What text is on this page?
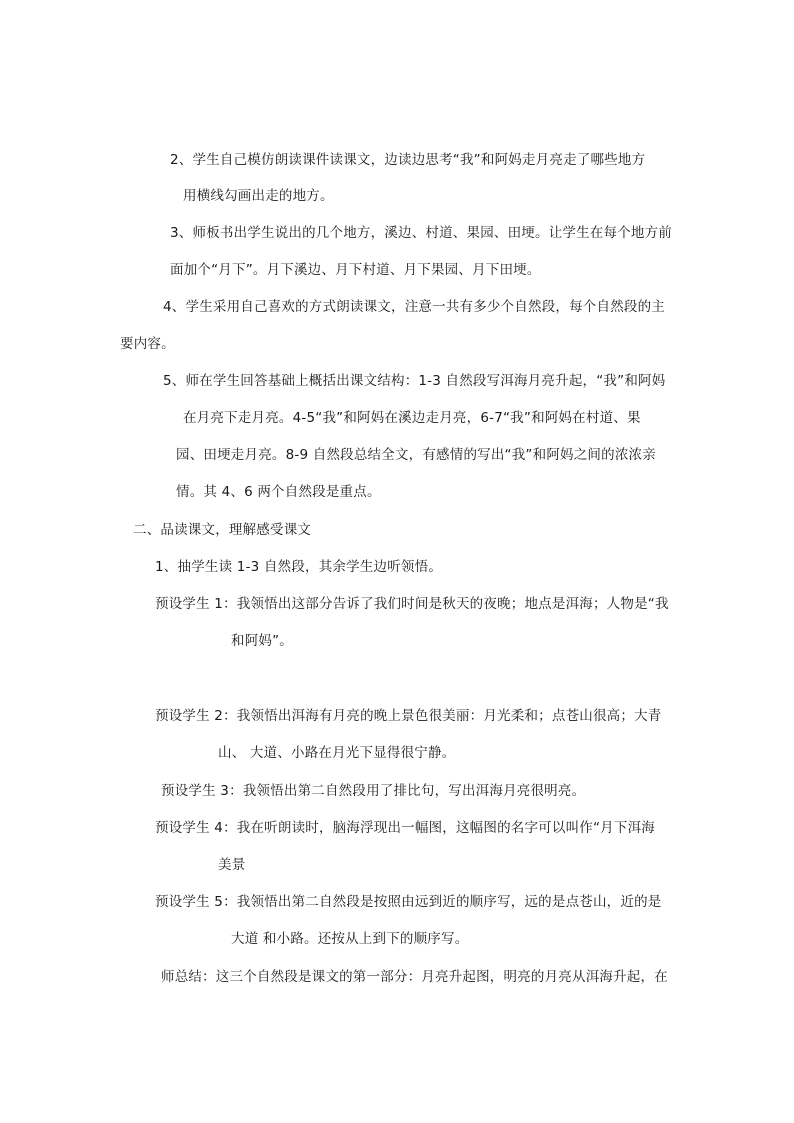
2、学生自己模仿朗读课件读课文，边读边思考“我”和阿妈走月亮走了哪些地方
用横线勾画出走的地方。
3、师板书出学生说出的几个地方，溪边、村道、果园、田埂。让学生在每个地方前
面加个“月下”。月下溪边、月下村道、月下果园、月下田埂。
4、学生采用自己喜欢的方式朗读课文，注意一共有多少个自然段，每个自然段的主
要内容。
5、师在学生回答基础上概括出课文结构：1-3 自然段写洱海月亮升起，“我”和阿妈
在月亮下走月亮。4-5“我”和阿妈在溪边走月亮，6-7“我”和阿妈在村道、果
园、田埂走月亮。8-9 自然段总结全文，有感情的写出“我”和阿妈之间的浓浓亲
情。其 4、6 两个自然段是重点。
二、品读课文，理解感受课文
1、抽学生读 1-3 自然段，其余学生边听领悟。
预设学生 1：我领悟出这部分告诉了我们时间是秋天的夜晚；地点是洱海；人物是“我
和阿妈”。
预设学生 2：我领悟出洱海有月亮的晚上景色很美丽：月光柔和；点苍山很高；大青
山、 大道、小路在月光下显得很宁静。
预设学生 3：我领悟出第二自然段用了排比句，写出洱海月亮很明亮。
预设学生 4：我在听朗读时，脑海浮现出一幅图，这幅图的名字可以叫作“月下洱海
美景
预设学生 5：我领悟出第二自然段是按照由远到近的顺序写，远的是点苍山，近的是
大道 和小路。还按从上到下的顺序写。
师总结：这三个自然段是课文的第一部分：月亮升起图，明亮的月亮从洱海升起，在
